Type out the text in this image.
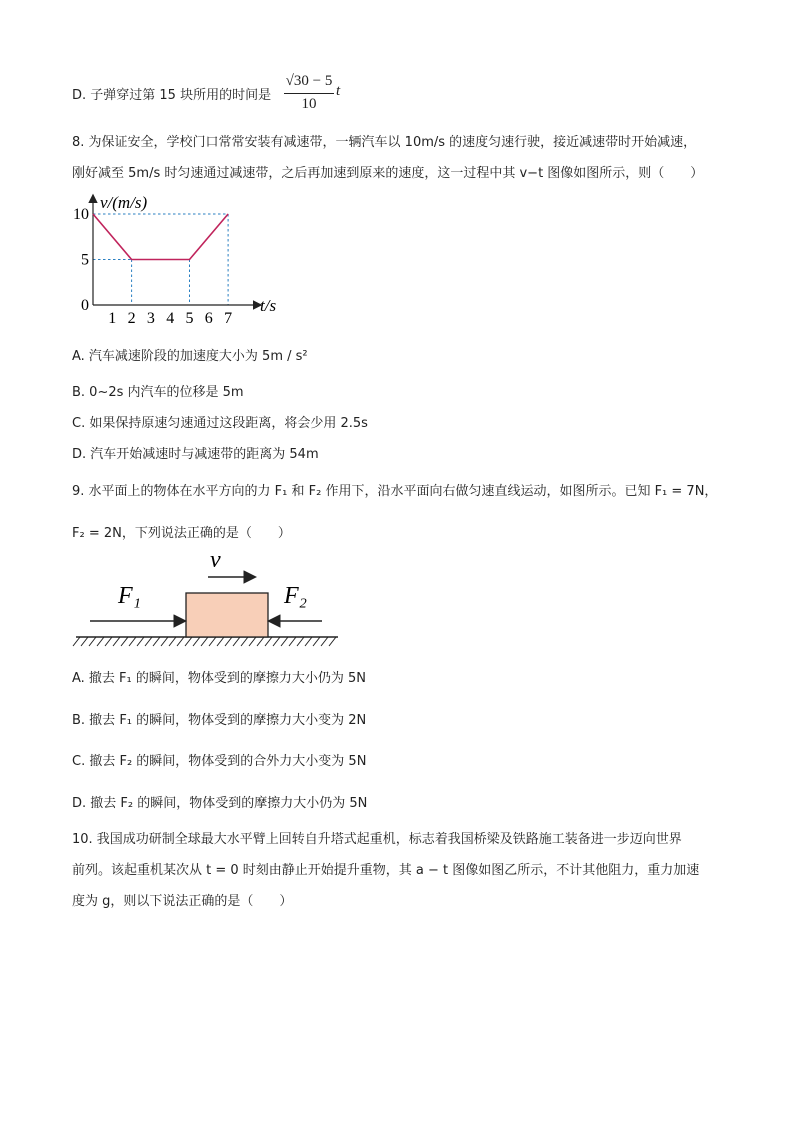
D. 子弹穿过第 15 块所用的时间是
√30 − 5
10
t
8. 为保证安全，学校门口常常安装有减速带，一辆汽车以 10m/s 的速度匀速行驶，接近减速带时开始减速，
刚好减至 5m/s 时匀速通过减速带，之后再加速到原来的速度，这一过程中其 v−t 图像如图所示，则（　　）
1 2 3 4 5 6 7
10
5
0
v/(m/s)
t/s
A. 汽车减速阶段的加速度大小为 5m / s²
B. 0~2s 内汽车的位移是 5m
C. 如果保持原速匀速通过这段距离，将会少用 2.5s
D. 汽车开始减速时与减速带的距离为 54m
9. 水平面上的物体在水平方向的力 F₁ 和 F₂ 作用下，沿水平面向右做匀速直线运动，如图所示。已知 F₁ = 7N，
F₂ = 2N，下列说法正确的是（　　）
v
F₁	F₂
A. 撤去 F₁ 的瞬间，物体受到的摩擦力大小仍为 5N
B. 撤去 F₁ 的瞬间，物体受到的摩擦力大小变为 2N
C. 撤去 F₂ 的瞬间，物体受到的合外力大小变为 5N
D. 撤去 F₂ 的瞬间，物体受到的摩擦力大小仍为 5N
10. 我国成功研制全球最大水平臂上回转自升塔式起重机，标志着我国桥梁及铁路施工装备进一步迈向世界
前列。该起重机某次从 t = 0 时刻由静止开始提升重物，其 a − t 图像如图乙所示，不计其他阻力，重力加速
度为 g，则以下说法正确的是（　　）
